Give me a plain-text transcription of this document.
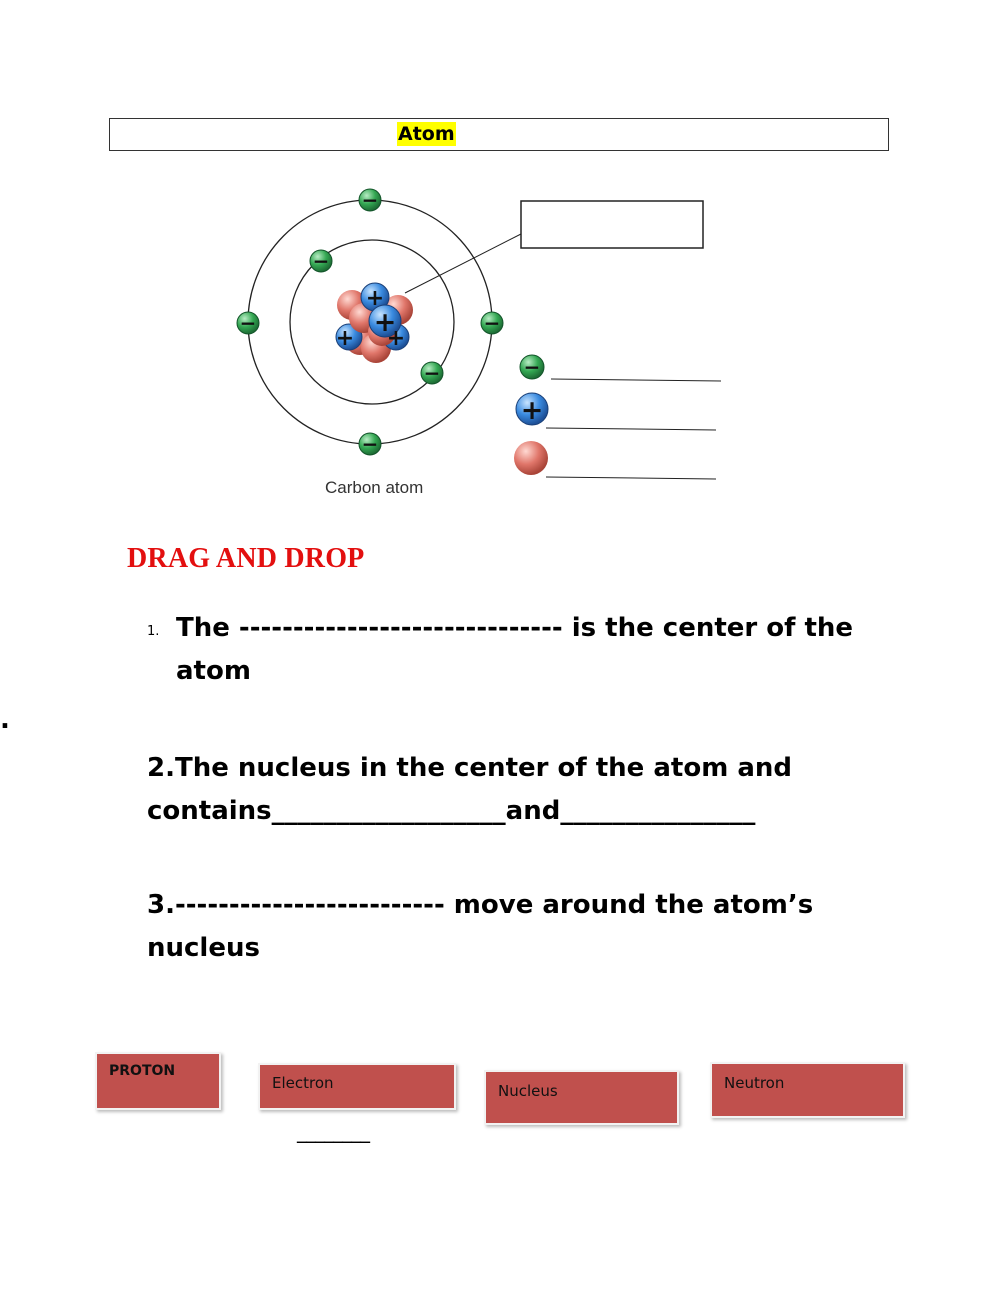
Atom
+
+
+
+
−
−
−	−
−
−
Carbon atom
−
+
DRAG AND DROP
1. The ------------------------------ is the center of the atom
.
2.The nucleus in the center of the atom and contains__________________and_______________
3.------------------------- move around the atom’s nucleus
PROTON
Electron	Nucleus	Neutron
________
